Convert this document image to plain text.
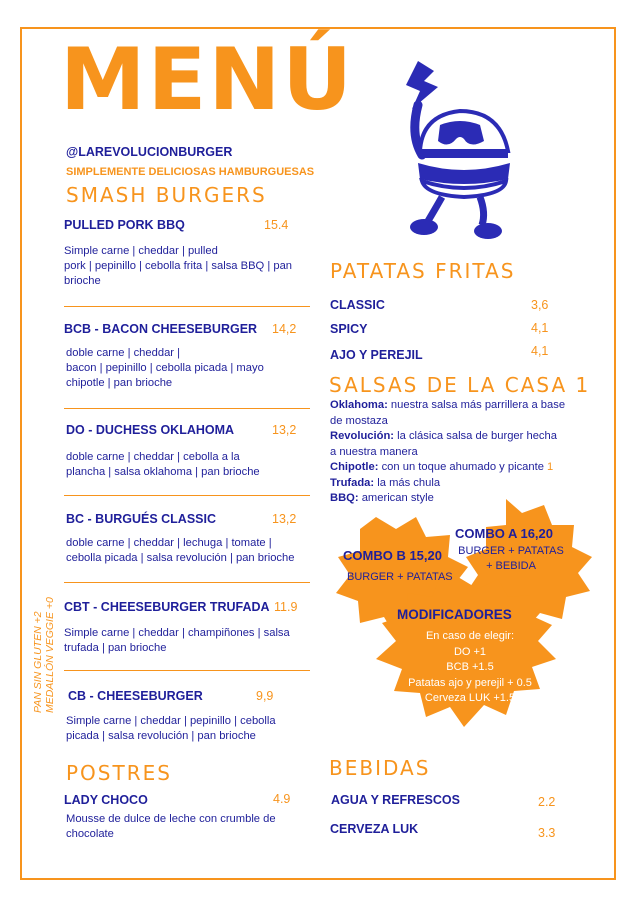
MENÚ
@LAREVOLUCIONBURGER
SIMPLEMENTE DELICIOSAS HAMBURGUESAS
SMASH BURGERS
PULLED PORK BBQ	15.4
Simple carne | cheddar | pulled
pork | pepinillo | cebolla frita | salsa BBQ | pan
brioche
BCB - BACON CHEESEBURGER 14,2
doble carne | cheddar |
bacon | pepinillo | cebolla picada | mayo
chipotle | pan brioche
DO - DUCHESS OKLAHOMA	13,2
doble carne | cheddar | cebolla a la
plancha | salsa oklahoma | pan brioche
BC - BURGUÉS CLASSIC	13,2
doble carne | cheddar | lechuga | tomate |
cebolla picada | salsa revolución | pan brioche
CBT - CHEESEBURGER TRUFADA 11.9
Simple carne | cheddar | champiñones | salsa
trufada | pan brioche
CB - CHEESEBURGER	9,9
Simple carne | cheddar | pepinillo | cebolla
picada | salsa revolución | pan brioche
PAN SIN GLUTEN +2 MEDALLÓN VEGGIE +0
POSTRES
LADY CHOCO	4.9
Mousse de dulce de leche con crumble de
chocolate
PATATAS FRITAS
CLASSIC	3,6
SPICY	4,1
AJO Y PEREJIL	4,1
SALSAS DE LA CASA 1
Oklahoma: nuestra salsa más parrillera a base
de mostaza
Revolución: la clásica salsa de burger hecha
a nuestra manera
Chipotle: con un toque ahumado y picante 1
Trufada: la más chula
BBQ: american style
COMBO A 16,20
BURGER + PATATAS
+ BEBIDA
COMBO B 15,20
BURGER + PATATAS
MODIFICADORES
En caso de elegir:
DO +1
BCB +1.5
Patatas ajo y perejil + 0.5
Cerveza LUK +1.5
BEBIDAS
AGUA Y REFRESCOS	2.2
CERVEZA LUK	3.3
